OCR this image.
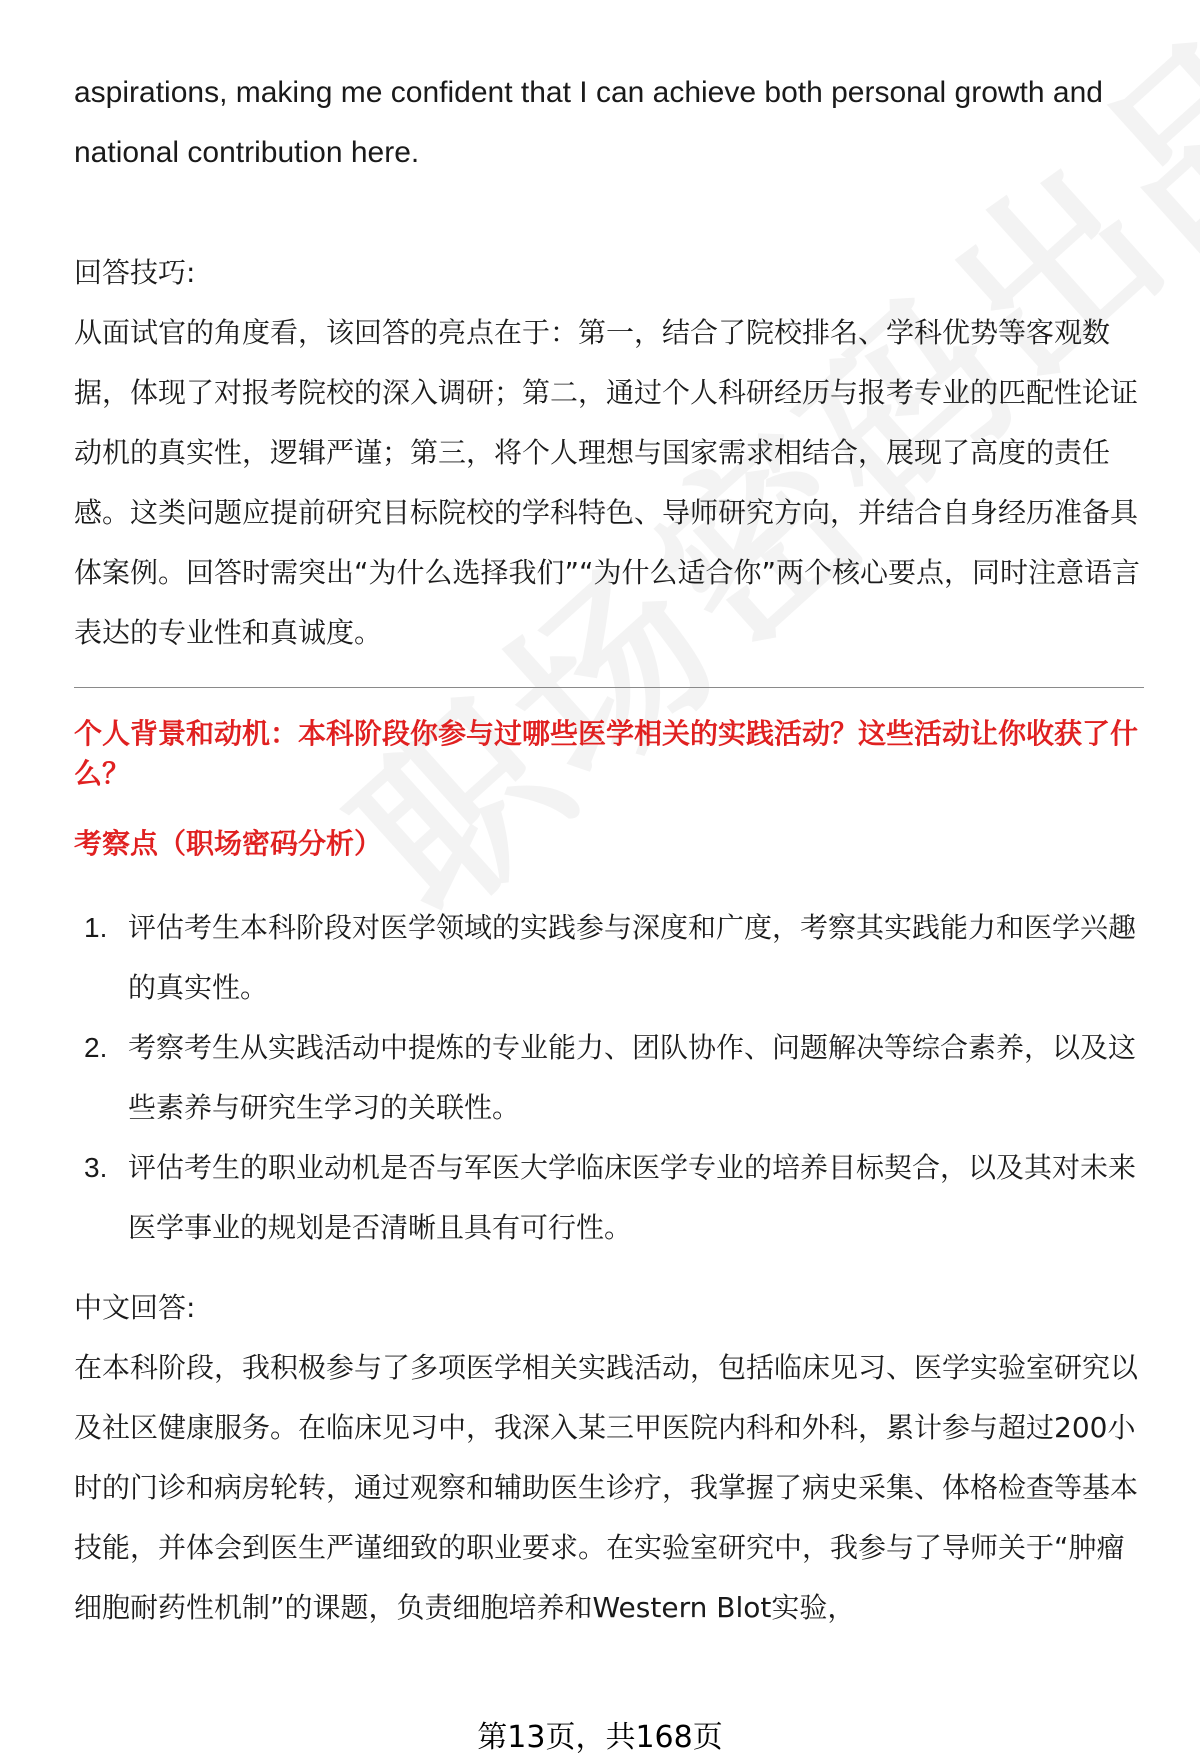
aspirations, making me confident that I can achieve both personal growth and national contribution here.

回答技巧:

从面试官的角度看，该回答的亮点在于：第一，结合了院校排名、学科优势等客观数据，体现了对报考院校的深入调研；第二，通过个人科研经历与报考专业的匹配性论证动机的真实性，逻辑严谨；第三，将个人理想与国家需求相结合，展现了高度的责任感。这类问题应提前研究目标院校的学科特色、导师研究方向，并结合自身经历准备具体案例。回答时需突出“为什么选择我们”“为什么适合你”两个核心要点，同时注意语言表达的专业性和真诚度。

个人背景和动机：本科阶段你参与过哪些医学相关的实践活动？这些活动让你收获了什么？
考察点（职场密码分析）
1. 评估考生本科阶段对医学领域的实践参与深度和广度，考察其实践能力和医学兴趣的真实性。
2. 考察考生从实践活动中提炼的专业能力、团队协作、问题解决等综合素养，以及这些素养与研究生学习的关联性。
3. 评估考生的职业动机是否与军医大学临床医学专业的培养目标契合，以及其对未来医学事业的规划是否清晰且具有可行性。

中文回答:

在本科阶段，我积极参与了多项医学相关实践活动，包括临床见习、医学实验室研究以及社区健康服务。在临床见习中，我深入某三甲医院内科和外科，累计参与超过200小时的门诊和病房轮转，通过观察和辅助医生诊疗，我掌握了病史采集、体格检查等基本技能，并体会到医生严谨细致的职业要求。在实验室研究中，我参与了导师关于“肿瘤细胞耐药性机制”的课题，负责细胞培养和Western Blot实验，

第13页，共168页
